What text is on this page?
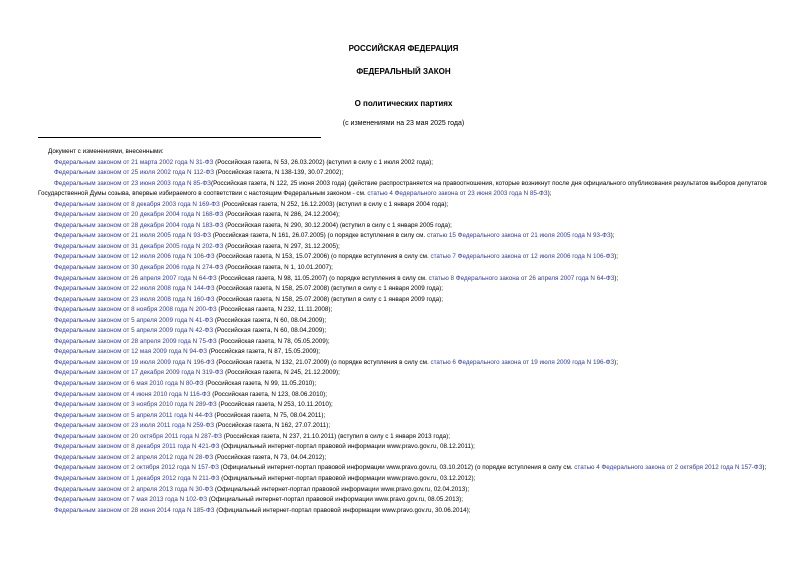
РОССИЙСКАЯ ФЕДЕРАЦИЯ
ФЕДЕРАЛЬНЫЙ ЗАКОН
О политических партиях
(с изменениями на 23 мая 2025 года)
Документ с изменениями, внесенными:
Федеральным законом от 21 марта 2002 года N 31-ФЗ (Российская газета, N 53, 26.03.2002) (вступил в силу с 1 июля 2002 года);
Федеральным законом от 25 июля 2002 года N 112-ФЗ (Российская газета, N 138-139, 30.07.2002);
Федеральным законом от 23 июня 2003 года N 85-ФЗ(Российская газета, N 122, 25 июня 2003 года) (действие распространяется на правоотношения, которые возникнут после дня официального опубликования результатов выборов депутатов Государственной Думы созыва, впервые избираемого в соответствии с настоящим Федеральным законом - см. статью 4 Федерального закона от 23 июня 2003 года N 85-ФЗ);
Федеральным законом от 8 декабря 2003 года N 169-ФЗ (Российская газета, N 252, 16.12.2003) (вступил в силу с 1 января 2004 года);
Федеральным законом от 20 декабря 2004 года N 168-ФЗ (Российская газета, N 286, 24.12.2004);
Федеральным законом от 28 декабря 2004 года N 183-ФЗ (Российская газета, N 290, 30.12.2004) (вступил в силу с 1 января 2005 года);
Федеральным законом от 21 июля 2005 года N 93-ФЗ (Российская газета, N 161, 26.07.2005) (о порядке вступления в силу см. статью 15 Федерального закона от 21 июля 2005 года N 93-ФЗ);
Федеральным законом от 31 декабря 2005 года N 202-ФЗ (Российская газета, N 297, 31.12.2005);
Федеральным законом от 12 июля 2006 года N 106-ФЗ (Российская газета, N 153, 15.07.2006) (о порядке вступления в силу см. статью 7 Федерального закона от 12 июля 2006 года N 106-ФЗ);
Федеральным законом от 30 декабря 2006 года N 274-ФЗ (Российская газета, N 1, 10.01.2007);
Федеральным законом от 26 апреля 2007 года N 64-ФЗ (Российская газета, N 98, 11.05.2007) (о порядке вступления в силу см. статью 8 Федерального закона от 26 апреля 2007 года N 64-ФЗ);
Федеральным законом от 22 июля 2008 года N 144-ФЗ (Российская газета, N 158, 25.07.2008) (вступил в силу с 1 января 2009 года);
Федеральным законом от 23 июля 2008 года N 160-ФЗ (Российская газета, N 158, 25.07.2008) (вступил в силу с 1 января 2009 года);
Федеральным законом от 8 ноября 2008 года N 200-ФЗ (Российская газета, N 232, 11.11.2008);
Федеральным законом от 5 апреля 2009 года N 41-ФЗ (Российская газета, N 60, 08.04.2009);
Федеральным законом от 5 апреля 2009 года N 42-ФЗ (Российская газета, N 60, 08.04.2009);
Федеральным законом от 28 апреля 2009 года N 75-ФЗ (Российская газета, N 78, 05.05.2009);
Федеральным законом от 12 мая 2009 года N 94-ФЗ (Российская газета, N 87, 15.05.2009);
Федеральным законом от 19 июля 2009 года N 196-ФЗ (Российская газета, N 132, 21.07.2009) (о порядке вступления в силу см. статью 6 Федерального закона от 19 июля 2009 года N 196-ФЗ);
Федеральным законом от 17 декабря 2009 года N 319-ФЗ (Российская газета, N 245, 21.12.2009);
Федеральным законом от 6 мая 2010 года N 80-ФЗ (Российская газета, N 99, 11.05.2010);
Федеральным законом от 4 июня 2010 года N 116-ФЗ (Российская газета, N 123, 08.06.2010);
Федеральным законом от 3 ноября 2010 года N 289-ФЗ (Российская газета, N 253, 10.11.2010);
Федеральным законом от 5 апреля 2011 года N 44-ФЗ (Российская газета, N 75, 08.04.2011);
Федеральным законом от 23 июля 2011 года N 259-ФЗ (Российская газета, N 162, 27.07.2011);
Федеральным законом от 20 октября 2011 года N 287-ФЗ (Российская газета, N 237, 21.10.2011) (вступил в силу с 1 января 2013 года);
Федеральным законом от 8 декабря 2011 года N 421-ФЗ (Официальный интернет-портал правовой информации www.pravo.gov.ru, 08.12.2011);
Федеральным законом от 2 апреля 2012 года N 28-ФЗ (Российская газета, N 73, 04.04.2012);
Федеральным законом от 2 октября 2012 года N 157-ФЗ (Официальный интернет-портал правовой информации www.pravo.gov.ru, 03.10.2012) (о порядке вступления в силу см. статью 4 Федерального закона от 2 октября 2012 года N 157-ФЗ);
Федеральным законом от 1 декабря 2012 года N 211-ФЗ (Официальный интернет-портал правовой информации www.pravo.gov.ru, 03.12.2012);
Федеральным законом от 2 апреля 2013 года N 30-ФЗ (Официальный интернет-портал правовой информации www.pravo.gov.ru, 02.04.2013);
Федеральным законом от 7 мая 2013 года N 102-ФЗ (Официальный интернет-портал правовой информации www.pravo.gov.ru, 08.05.2013);
Федеральным законом от 28 июня 2014 года N 185-ФЗ (Официальный интернет-портал правовой информации www.pravo.gov.ru, 30.06.2014);
